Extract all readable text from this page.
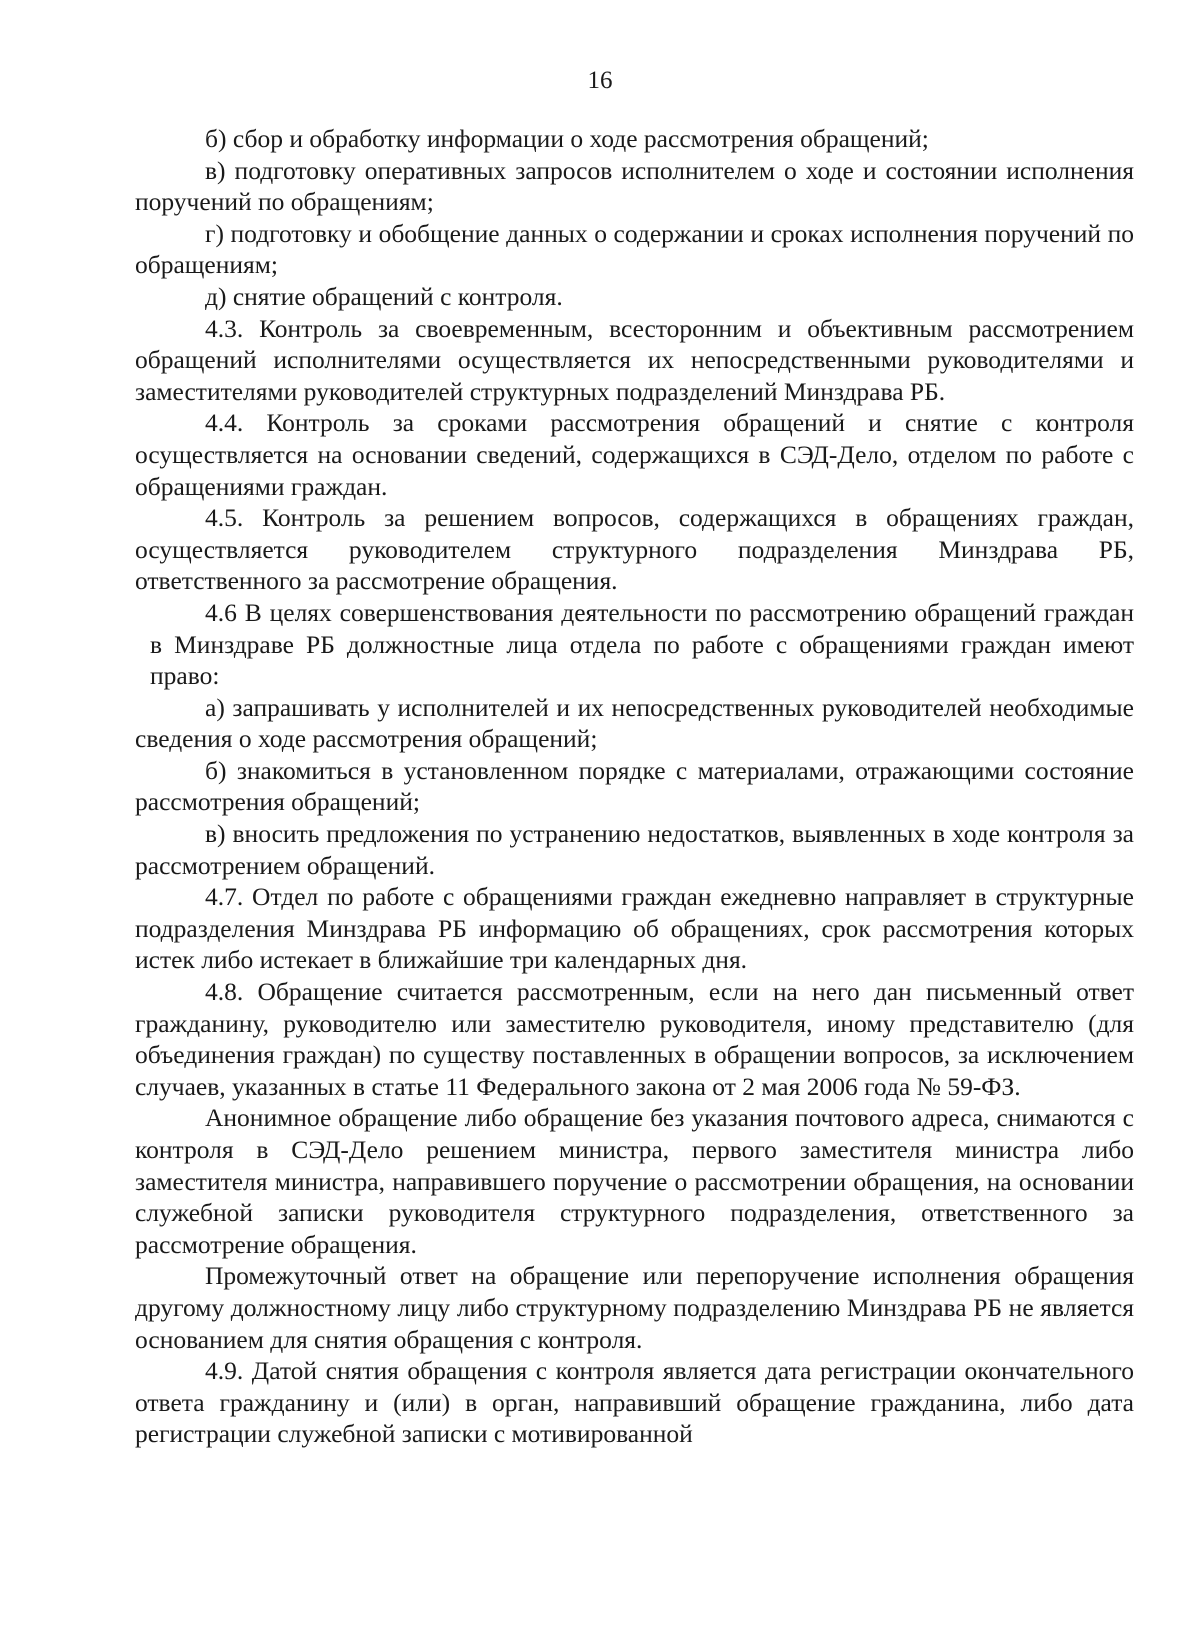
16

б) сбор и обработку информации о ходе рассмотрения обращений;

в) подготовку оперативных запросов исполнителем о ходе и состоянии исполнения поручений по обращениям;

г) подготовку и обобщение данных о содержании и сроках исполнения поручений по обращениям;

д) снятие обращений с контроля.

4.3. Контроль за своевременным, всесторонним и объективным рассмотрением обращений исполнителями осуществляется их непосредственными руководителями и заместителями руководителей структурных подразделений Минздрава РБ.

4.4. Контроль за сроками рассмотрения обращений и снятие с контроля осуществляется на основании сведений, содержащихся в СЭД-Дело, отделом по работе с обращениями граждан.

4.5. Контроль за решением вопросов, содержащихся в обращениях граждан, осуществляется руководителем структурного подразделения Минздрава РБ, ответственного за рассмотрение обращения.

4.6 В целях совершенствования деятельности по рассмотрению обращений граждан в Минздраве РБ должностные лица отдела по работе с обращениями граждан имеют право:

а) запрашивать у исполнителей и их непосредственных руководителей необходимые сведения о ходе рассмотрения обращений;

б) знакомиться в установленном порядке с материалами, отражающими состояние рассмотрения обращений;

в) вносить предложения по устранению недостатков, выявленных в ходе контроля за рассмотрением обращений.

4.7. Отдел по работе с обращениями граждан ежедневно направляет в структурные подразделения Минздрава РБ информацию об обращениях, срок рассмотрения которых истек либо истекает в ближайшие три календарных дня.

4.8. Обращение считается рассмотренным, если на него дан письменный ответ гражданину, руководителю или заместителю руководителя, иному представителю (для объединения граждан) по существу поставленных в обращении вопросов, за исключением случаев, указанных в статье 11 Федерального закона от 2 мая 2006 года № 59-ФЗ.

Анонимное обращение либо обращение без указания почтового адреса, снимаются с контроля в СЭД-Дело решением министра, первого заместителя министра либо заместителя министра, направившего поручение о рассмотрении обращения, на основании служебной записки руководителя структурного подразделения, ответственного за рассмотрение обращения.

Промежуточный ответ на обращение или перепоручение исполнения обращения другому должностному лицу либо структурному подразделению Минздрава РБ не является основанием для снятия обращения с контроля.

4.9. Датой снятия обращения с контроля является дата регистрации окончательного ответа гражданину и (или) в орган, направивший обращение гражданина, либо дата регистрации служебной записки с мотивированной
